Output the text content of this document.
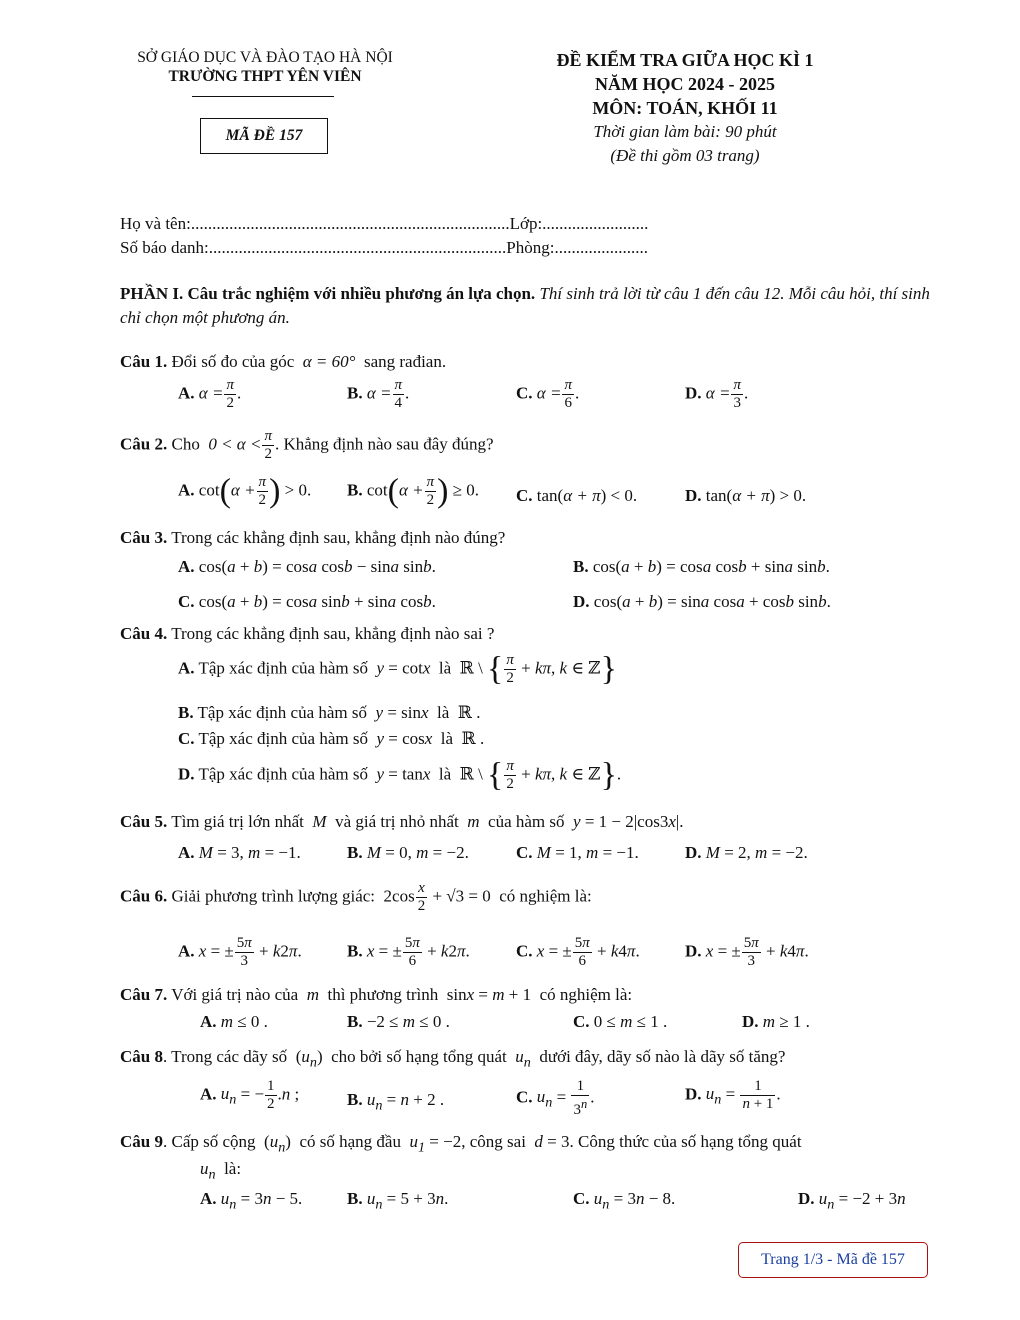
SỞ GIÁO DỤC VÀ ĐÀO TẠO HÀ NỘI
TRƯỜNG THPT YÊN VIÊN
MÃ ĐỀ 157
ĐỀ KIỂM TRA GIỮA HỌC KÌ 1
NĂM HỌC 2024 - 2025
MÔN: TOÁN, KHỐI 11
Thời gian làm bài: 90 phút
(Đề thi gồm 03 trang)
Họ và tên:...........................................................................Lớp:.........................
Số báo danh:......................................................................Phòng:......................
PHẦN I. Câu trắc nghiệm với nhiều phương án lựa chọn. Thí sinh trả lời từ câu 1 đến câu 12. Mỗi câu hỏi, thí sinh chỉ chọn một phương án.
Câu 1. Đổi số đo của góc  α = 60°  sang rađian.
A. $\alpha = \frac{\pi}{2}$ .	B. $\alpha = \frac{\pi}{4}$ .	C. $\alpha = \frac{\pi}{6}$ .	D. $\alpha = \frac{\pi}{3}$ .
Câu 2. Cho  $0 < \alpha < \frac{\pi}{2}$ . Khẳng định nào sau đây đúng?
A. $\cot(\alpha + \frac{\pi}{2}$ ) > 0. B. $\cot(\alpha + \frac{\pi}{2}$ ) ≥ 0. C. tan(α + π) < 0.	D. tan(α + π) > 0.
Câu 3. Trong các khẳng định sau, khẳng định nào đúng?
A. cos(a + b) = cosa cosb − sina sinb.	B. cos(a + b) = cosa cosb + sina sinb.
C. cos(a + b) = cosa sinb + sina cosb.	D. cos(a + b) = sina cosa + cosb sinb.
Câu 4. Trong các khẳng định sau, khẳng định nào sai ?
A. Tập xác định của hàm số y = cotx là  ℝ \ { $\frac{\pi}{2} + k\pi$, k ∈ ℤ}
B. Tập xác định của hàm số y = sinx là  ℝ .
C. Tập xác định của hàm số y = cosx là  ℝ .
D. Tập xác định của hàm số y = tanx là  ℝ \ { $\frac{\pi}{2} + k\pi$, k ∈ ℤ}.
Câu 5. Tìm giá trị lớn nhất  M  và giá trị nhỏ nhất  m  của hàm số  y = 1 − 2|cos3x|.
A. M = 3, m = −1.	B. M = 0, m = −2.	C. M = 1, m = −1.	D. M = 2, m = −2.
Câu 6. Giải phương trình lượng giác:  $2\cos \frac{x}{2} + √3 = 0$  có nghiệm là:
A. x = ± $\frac{5\pi}{3} + k2\pi$.	B. x = ± $\frac{5\pi}{6} + k2\pi$.	C. x = ± $\frac{5\pi}{6} + k4\pi$.	D. x = ± $\frac{5\pi}{3} + k4\pi$.
Câu 7. Với giá trị nào của  m  thì phương trình  sinx = m + 1  có nghiệm là:
A. m ≤ 0 .	B. −2 ≤ m ≤ 0 .	C. 0 ≤ m ≤ 1 .	D. m ≥ 1 .
Câu 8. Trong các dãy số  $(u_n)$  cho bởi số hạng tổng quát  $u_n$ dưới đây, dãy số nào là dãy số tăng?
A. $u_n$ = − $\frac{1}{2} .n$ ;	B. $u_n = n + 2$ .	C. $u_n = \frac{1}{3^n}$ .	D. $u_n = \frac{1}{n + 1}$ .
Câu 9. Cấp số cộng  $(u_n)$  có số hạng đầu  $u_1 = -2$, công sai  d = 3. Công thức của số hạng tổng quát
$u_n$ là:
A. $u_n = 3n - 5$.	B. $u_n = 5 + 3n$.	C. $u_n = 3n - 8$.	D. $u_n = -2 + 3n$
Trang 1/3 - Mã đề 157
